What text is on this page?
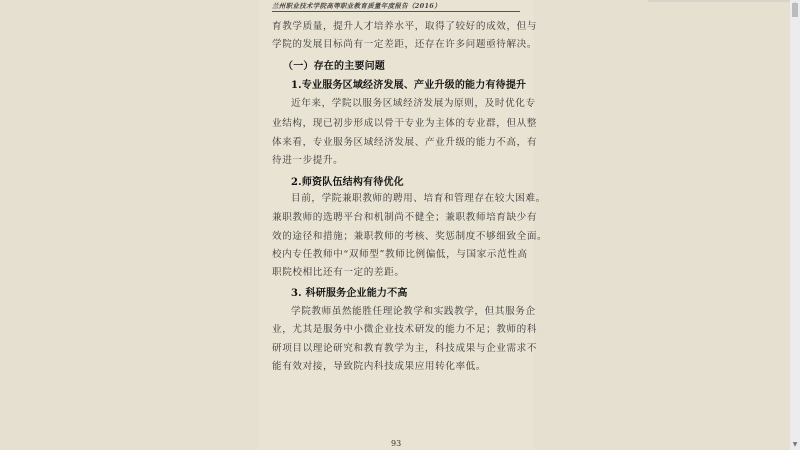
兰州职业技术学院高等职业教育质量年度报告（2016）
育教学质量，提升人才培养水平，取得了较好的成效，但与
学院的发展目标尚有一定差距，还存在许多问题亟待解决。
（一）存在的主要问题
1.专业服务区域经济发展、产业升级的能力有待提升
近年来，学院以服务区域经济发展为原则，及时优化专
业结构，现已初步形成以骨干专业为主体的专业群，但从整
体来看，专业服务区域经济发展、产业升级的能力不高，有
待进一步提升。
2.师资队伍结构有待优化
目前，学院兼职教师的聘用、培育和管理存在较大困难。
兼职教师的选聘平台和机制尚不健全；兼职教师培育缺少有
效的途径和措施；兼职教师的考核、奖惩制度不够细致全面。
校内专任教师中“双师型”教师比例偏低，与国家示范性高
职院校相比还有一定的差距。
3. 科研服务企业能力不高
学院教师虽然能胜任理论教学和实践教学，但其服务企
业，尤其是服务中小微企业技术研发的能力不足；教师的科
研项目以理论研究和教育教学为主，科技成果与企业需求不
能有效对接，导致院内科技成果应用转化率低。
93	▼
